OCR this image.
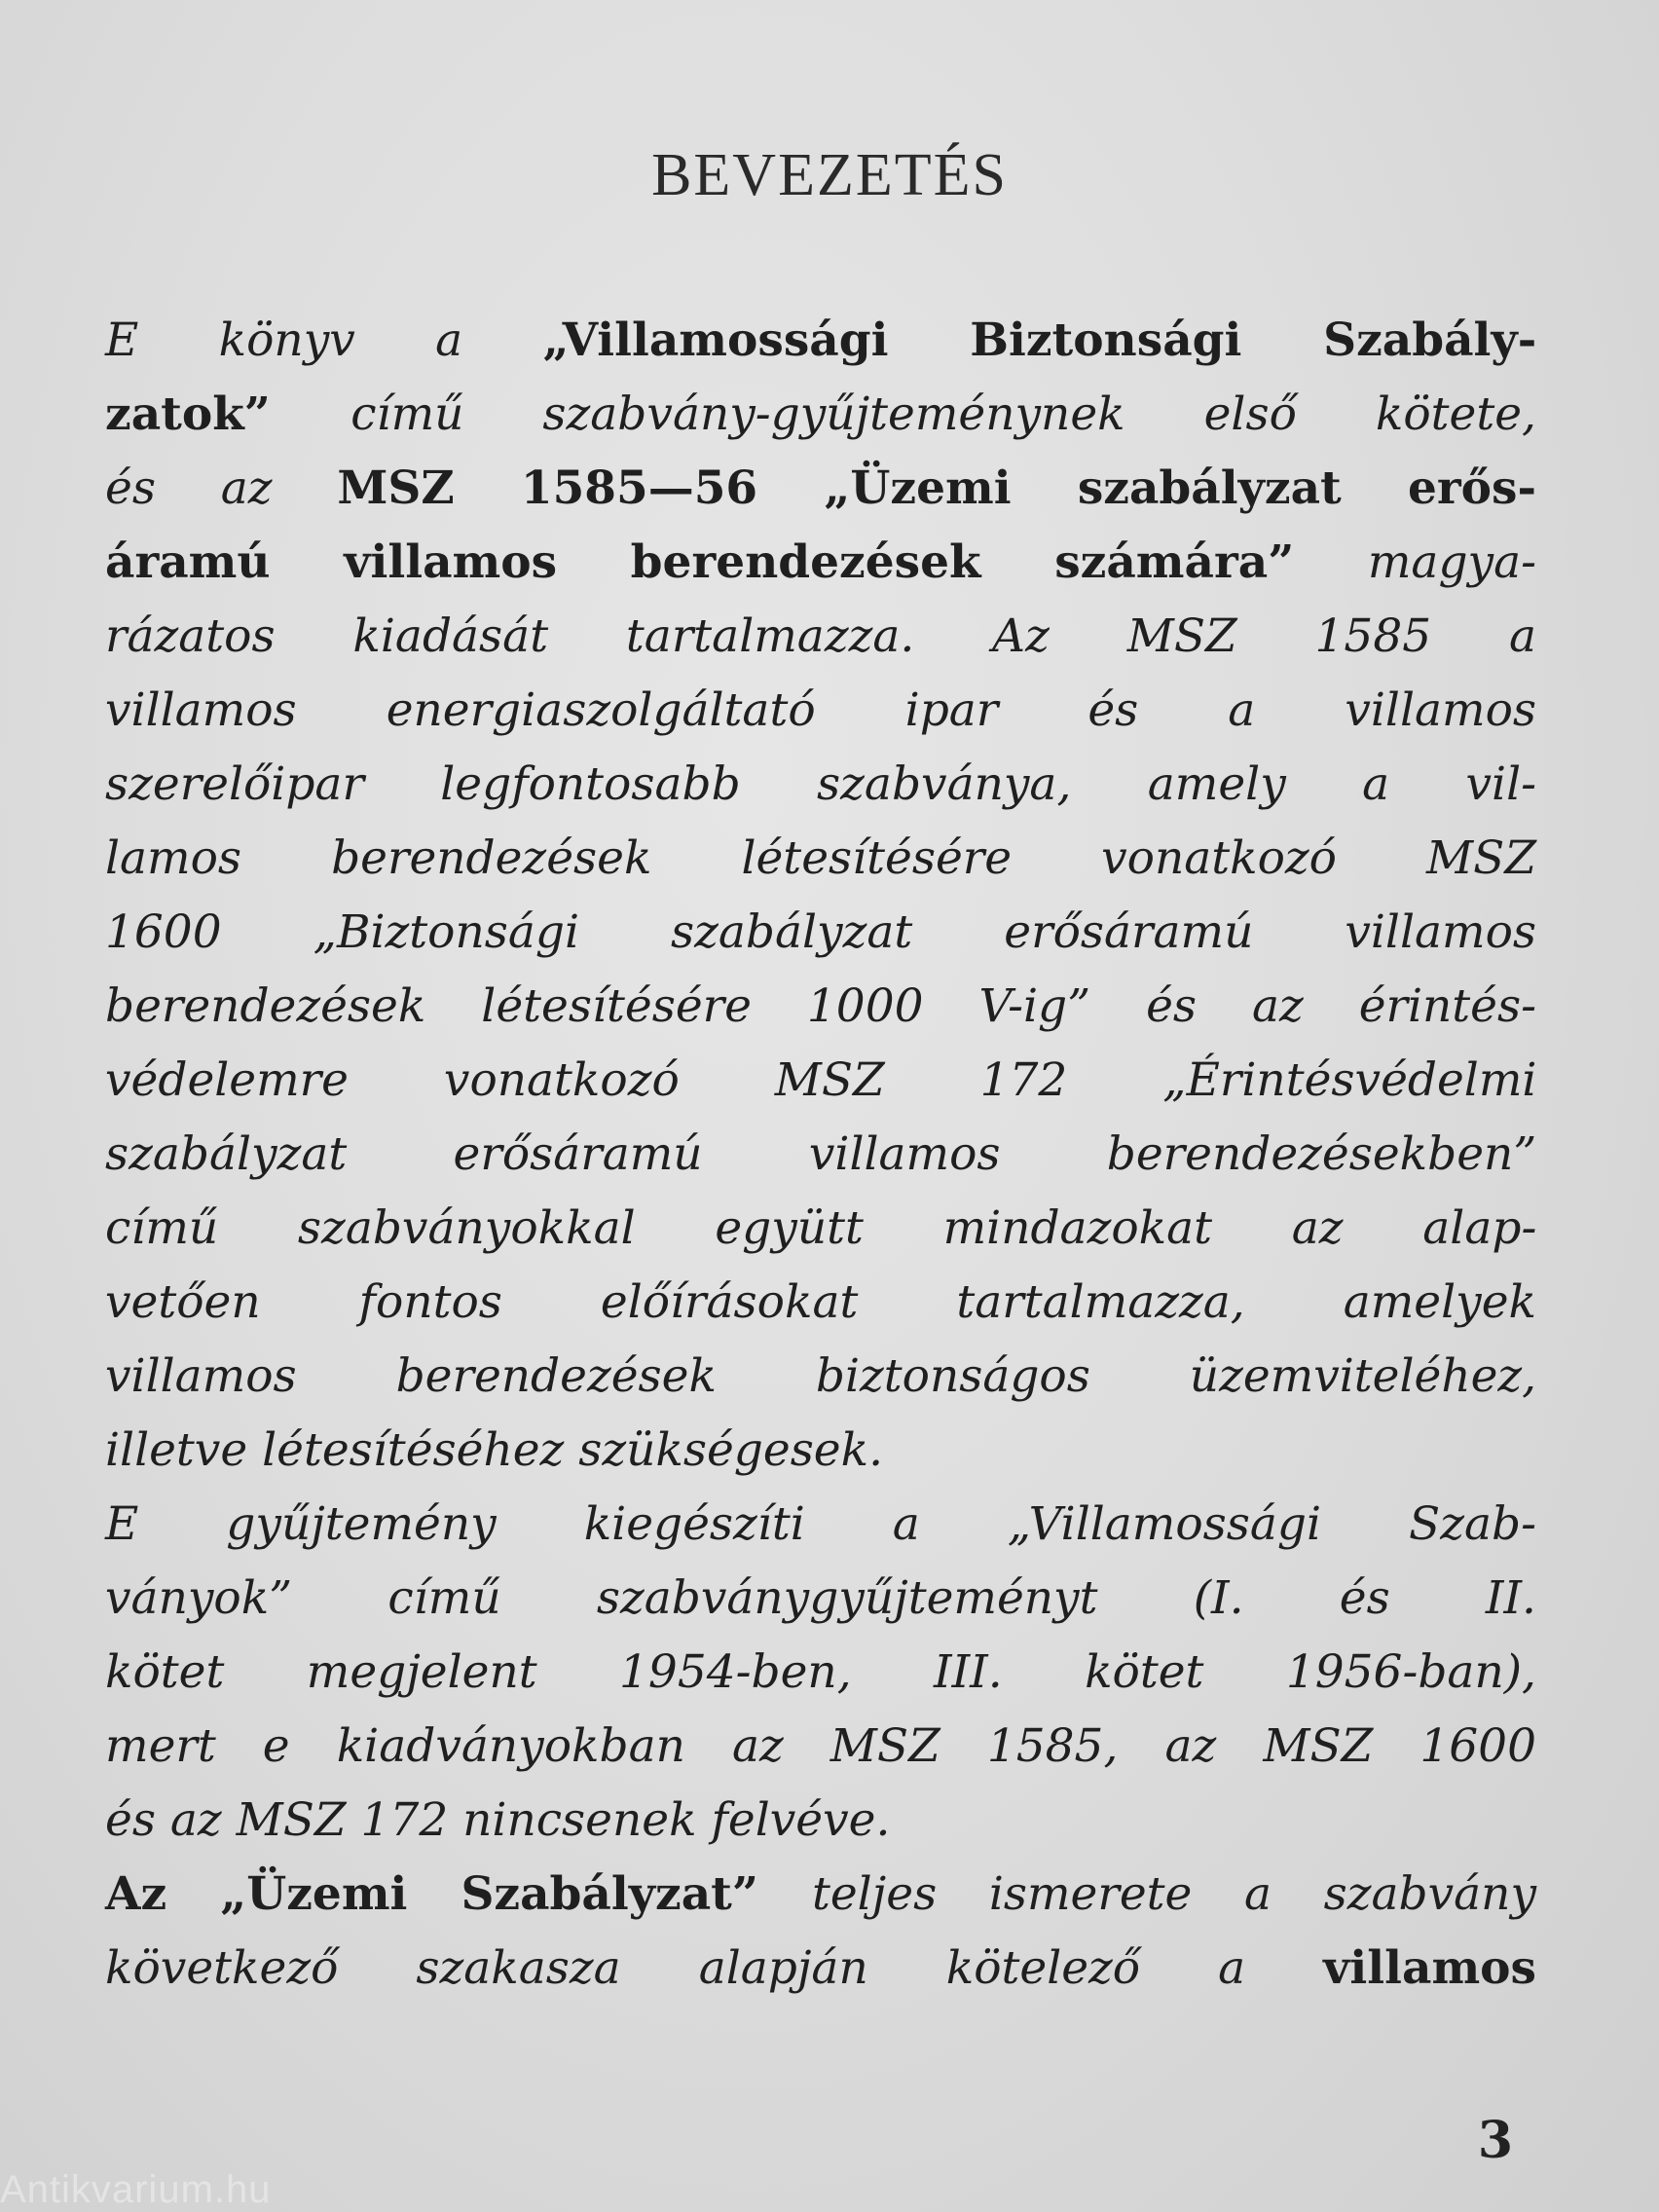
BEVEZETÉS
E könyv a „Villamossági Biztonsági Szabály-
zatok” című szabvány-gyűjteménynek első kötete,
és az MSZ 1585—56 „Üzemi szabályzat erős-
áramú villamos berendezések számára” magya-
rázatos kiadását tartalmazza. Az MSZ 1585 a
villamos energiaszolgáltató ipar és a villamos
szerelőipar legfontosabb szabványa, amely a vil-
lamos berendezések létesítésére vonatkozó MSZ
1600 „Biztonsági szabályzat erősáramú villamos
berendezések létesítésére 1000 V-ig” és az érintés-
védelemre vonatkozó MSZ 172 „Érintésvédelmi
szabályzat erősáramú villamos berendezésekben”
című szabványokkal együtt mindazokat az alap-
vetően fontos előírásokat tartalmazza, amelyek
villamos berendezések biztonságos üzemviteléhez,
illetve létesítéséhez szükségesek.
E gyűjtemény kiegészíti a „Villamossági Szab-
ványok” című szabványgyűjteményt (I. és II.
kötet megjelent 1954-ben, III. kötet 1956-ban),
mert e kiadványokban az MSZ 1585, az MSZ 1600
és az MSZ 172 nincsenek felvéve.
Az „Üzemi Szabályzat” teljes ismerete a szabvány
következő szakasza alapján kötelező a villamos
3
Antikvarium.hu
